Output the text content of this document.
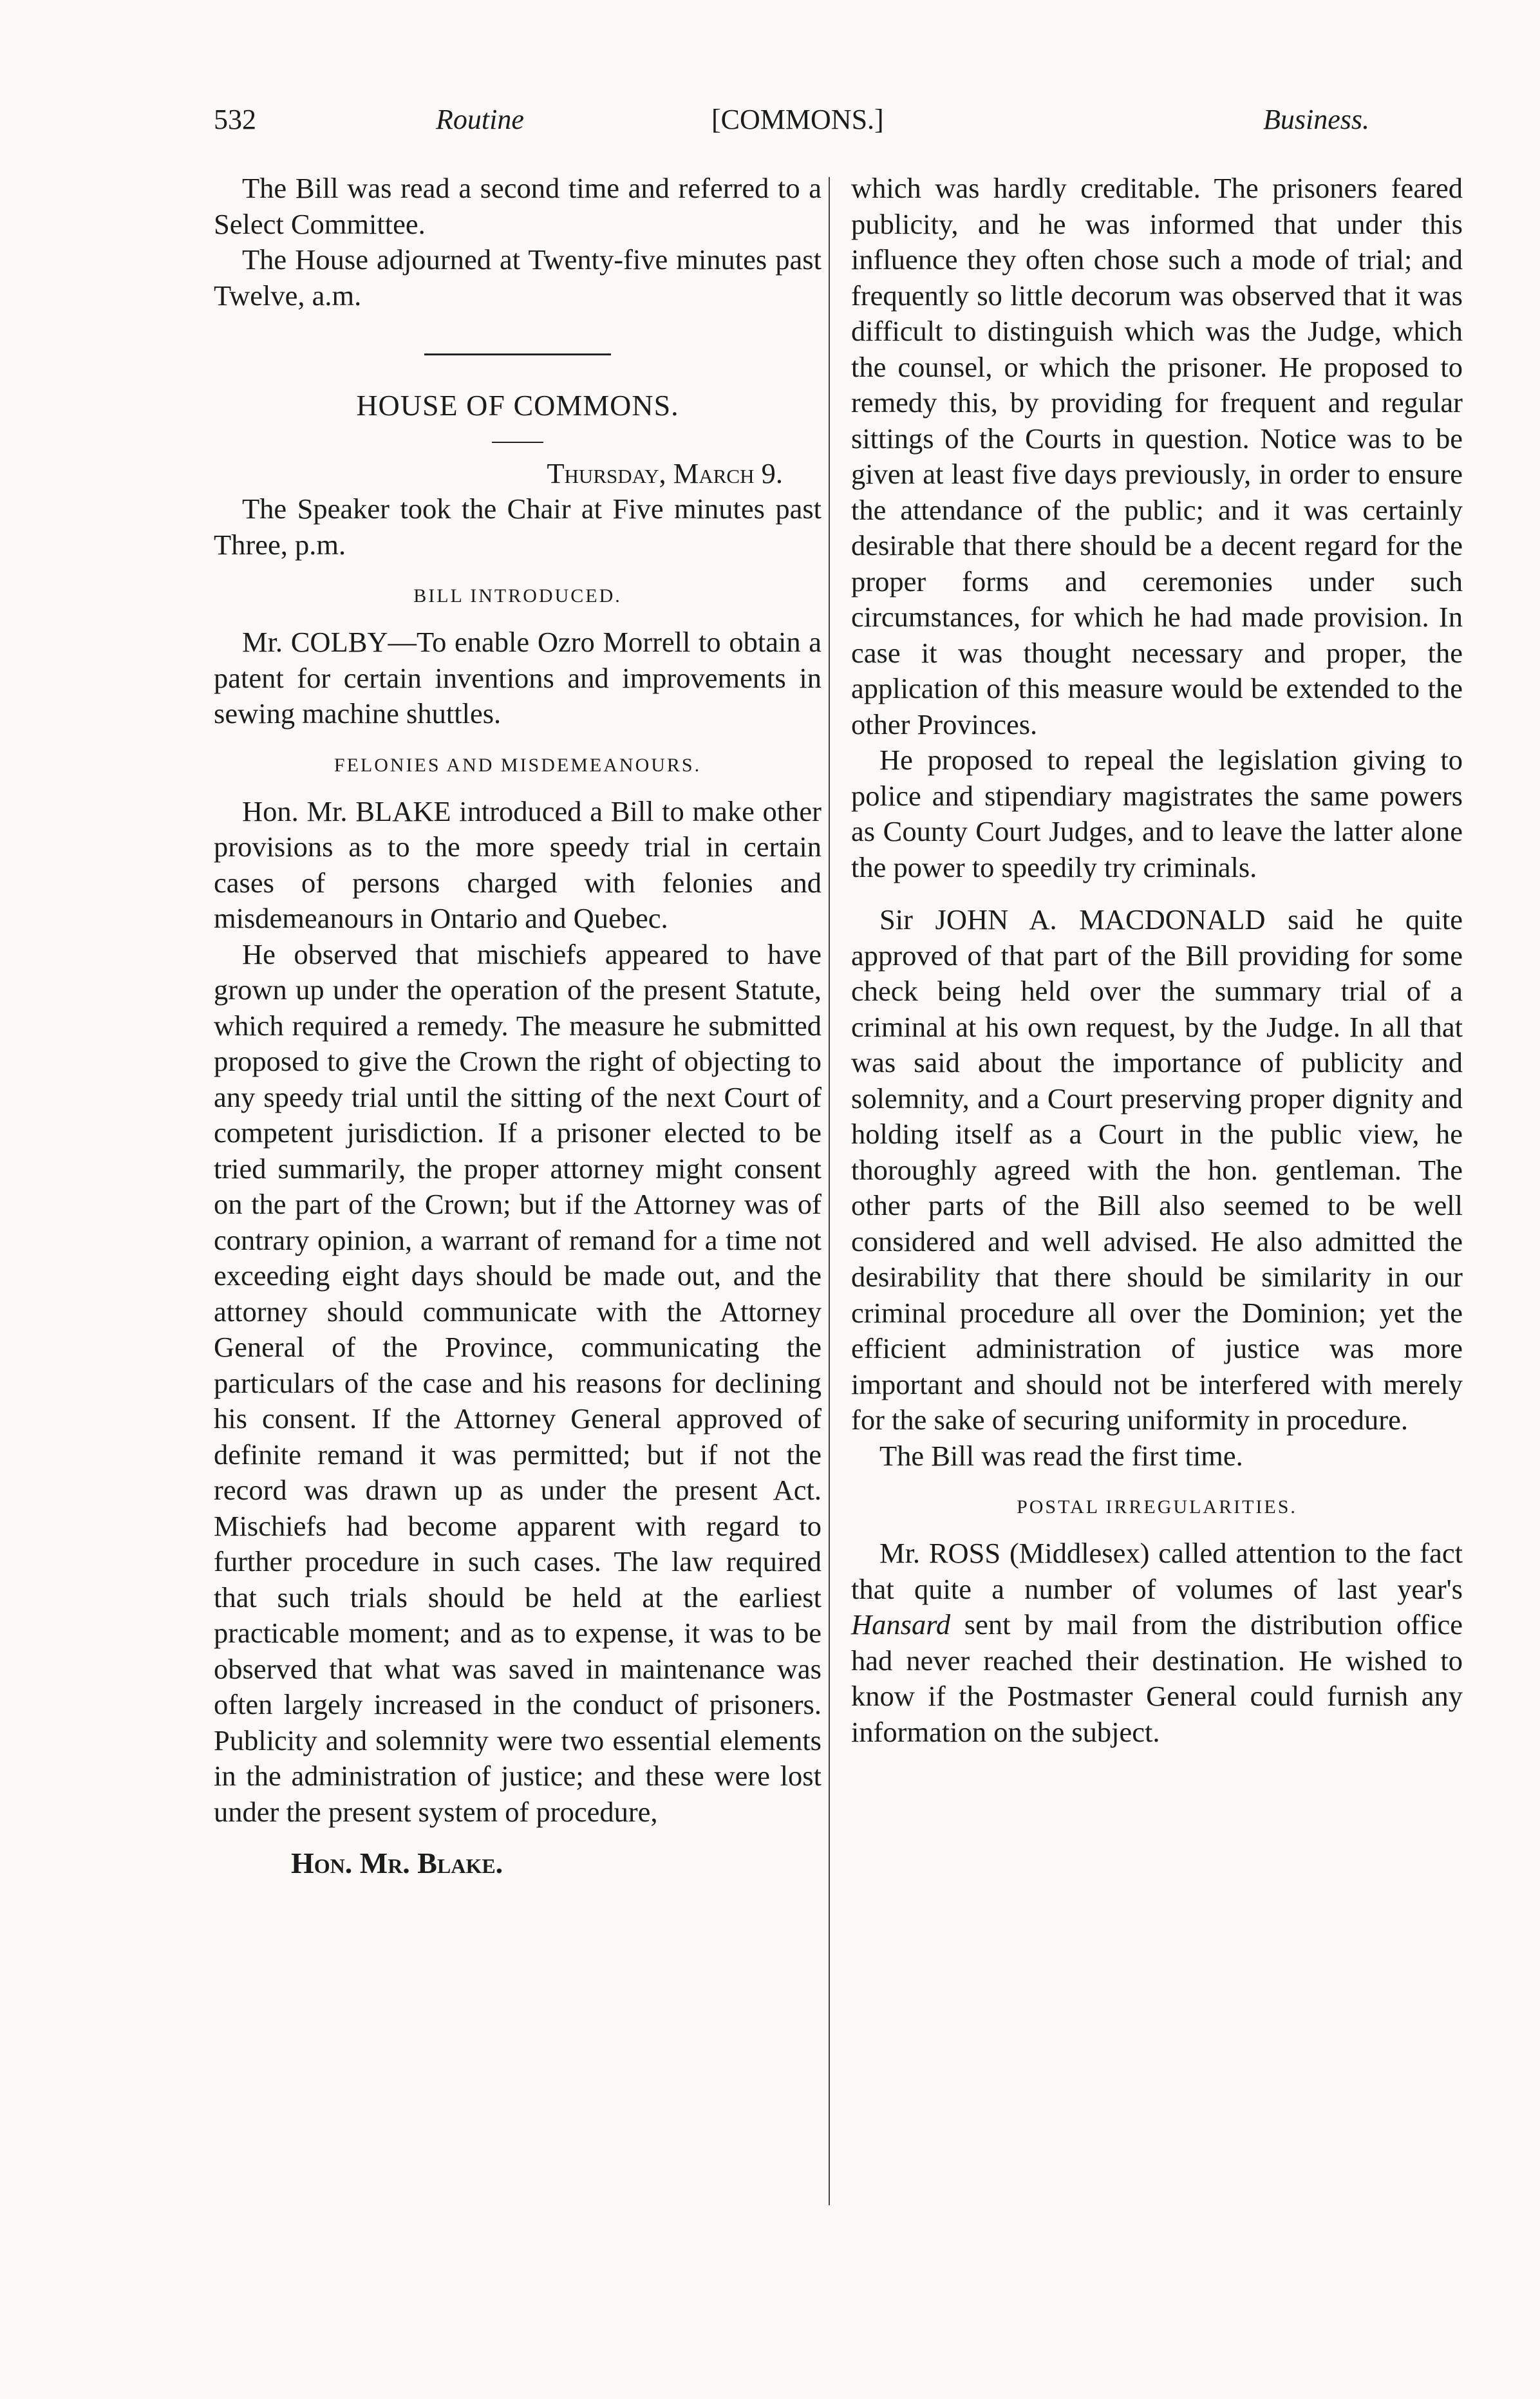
532	Routine	[COMMONS.]	Business.

The Bill was read a second time and referred to a Select Committee.

The House adjourned at Twenty-five minutes past Twelve, a.m.

HOUSE OF COMMONS.
Thursday, March 9.

The Speaker took the Chair at Five minutes past Three, p.m.

BILL INTRODUCED.

Mr. COLBY—To enable Ozro Morrell to obtain a patent for certain inventions and improvements in sewing machine shuttles.

FELONIES AND MISDEMEANOURS.

Hon. Mr. BLAKE introduced a Bill to make other provisions as to the more speedy trial in certain cases of persons charged with felonies and misdemeanours in Ontario and Quebec.

He observed that mischiefs appeared to have grown up under the operation of the present Statute, which required a remedy. The measure he submitted proposed to give the Crown the right of objecting to any speedy trial until the sitting of the next Court of competent jurisdiction. If a prisoner elected to be tried summarily, the proper attorney might consent on the part of the Crown; but if the Attorney was of contrary opinion, a warrant of remand for a time not exceeding eight days should be made out, and the attorney should communicate with the Attorney General of the Province, communicating the particulars of the case and his reasons for declining his consent. If the Attorney General approved of definite remand it was permitted; but if not the record was drawn up as under the present Act. Mischiefs had become apparent with regard to further procedure in such cases. The law required that such trials should be held at the earliest practicable moment; and as to expense, it was to be observed that what was saved in maintenance was often largely increased in the conduct of prisoners. Publicity and solemnity were two essential elements in the administration of justice; and these were lost under the present system of procedure,

Hon. Mr. Blake.

which was hardly creditable. The prisoners feared publicity, and he was informed that under this influence they often chose such a mode of trial; and frequently so little decorum was observed that it was difficult to distinguish which was the Judge, which the counsel, or which the prisoner. He proposed to remedy this, by providing for frequent and regular sittings of the Courts in question. Notice was to be given at least five days previously, in order to ensure the attendance of the public; and it was certainly desirable that there should be a decent regard for the proper forms and ceremonies under such circumstances, for which he had made provision. In case it was thought necessary and proper, the application of this measure would be extended to the other Provinces.

He proposed to repeal the legislation giving to police and stipendiary magistrates the same powers as County Court Judges, and to leave the latter alone the power to speedily try criminals.

Sir JOHN A. MACDONALD said he quite approved of that part of the Bill providing for some check being held over the summary trial of a criminal at his own request, by the Judge. In all that was said about the importance of publicity and solemnity, and a Court preserving proper dignity and holding itself as a Court in the public view, he thoroughly agreed with the hon. gentleman. The other parts of the Bill also seemed to be well considered and well advised. He also admitted the desirability that there should be similarity in our criminal procedure all over the Dominion; yet the efficient administration of justice was more important and should not be interfered with merely for the sake of securing uniformity in procedure.

The Bill was read the first time.

POSTAL IRREGULARITIES.

Mr. ROSS (Middlesex) called attention to the fact that quite a number of volumes of last year's Hansard sent by mail from the distribution office had never reached their destination. He wished to know if the Postmaster General could furnish any information on the subject.
